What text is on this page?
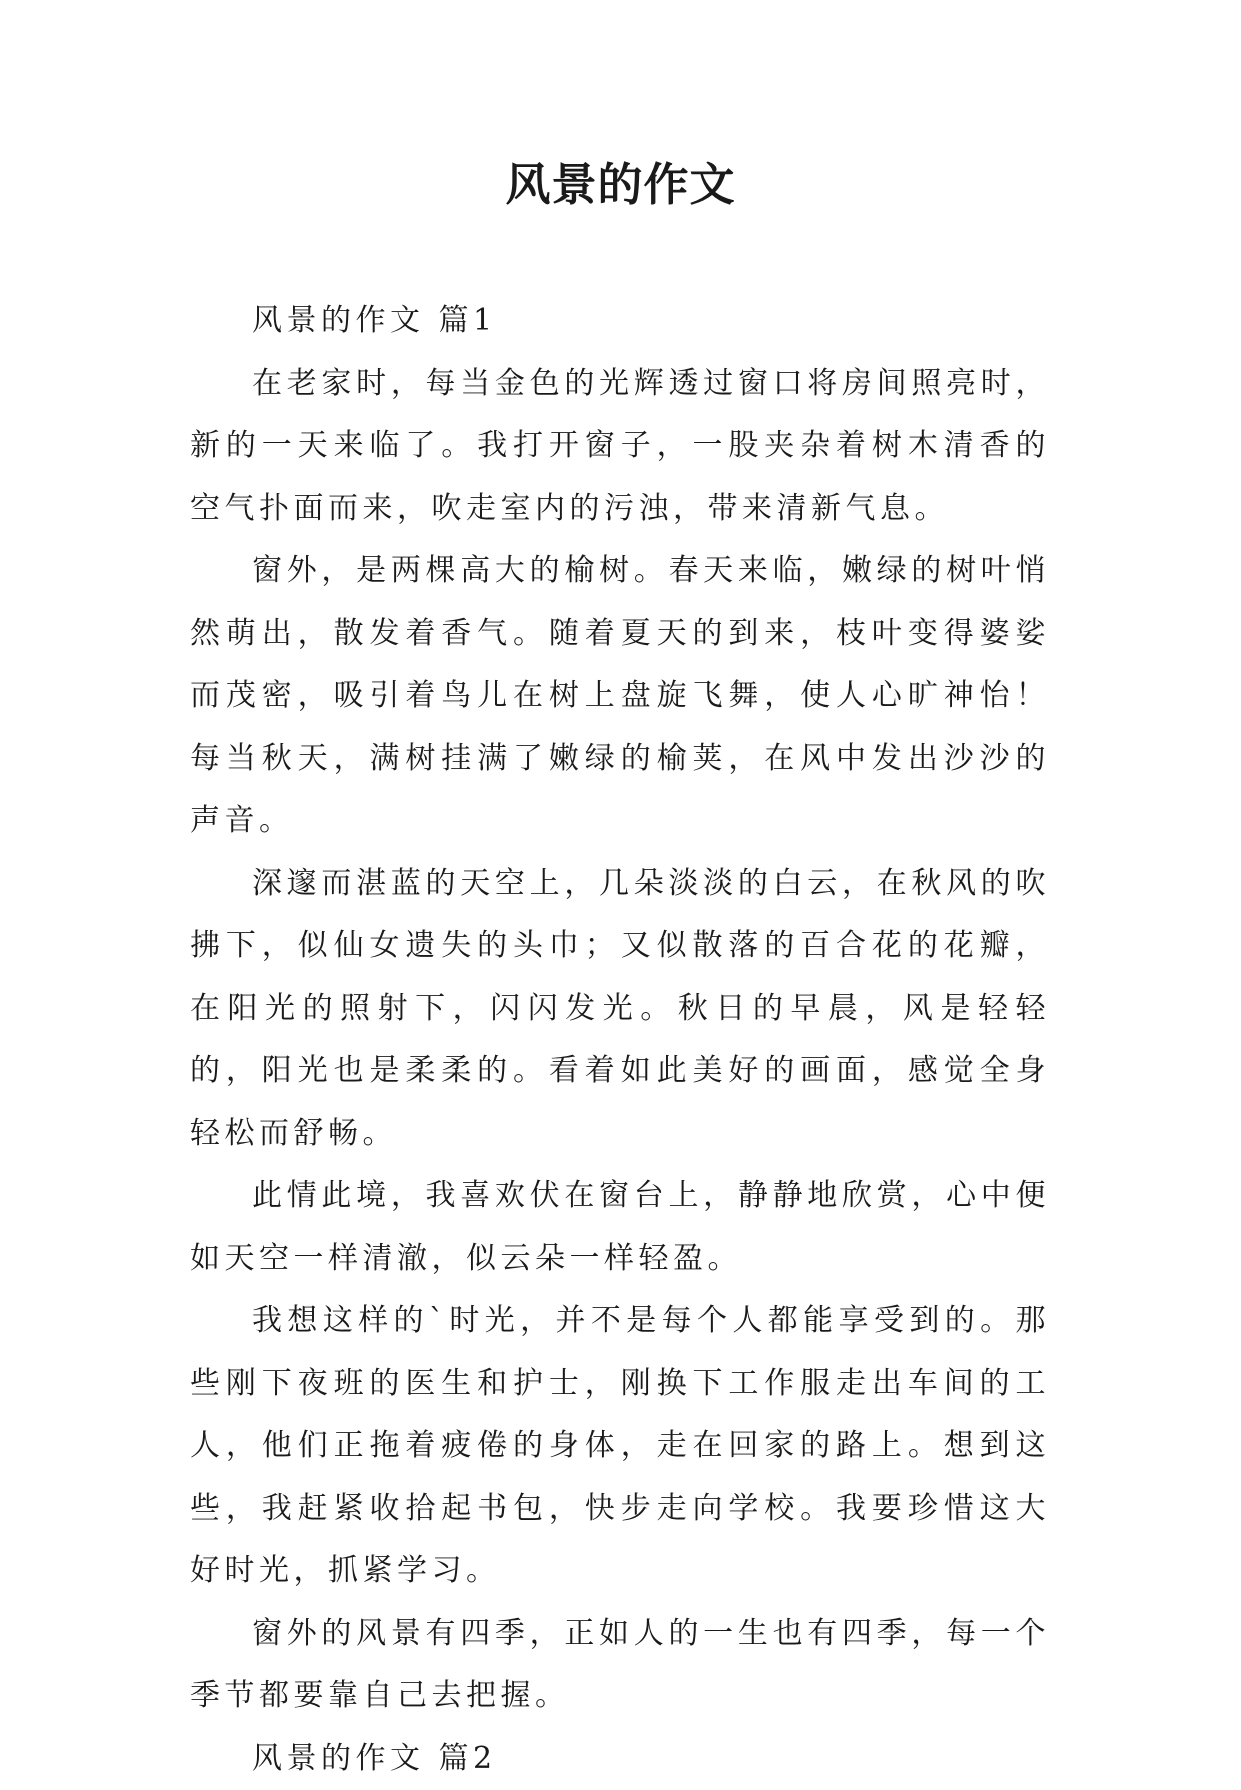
风景的作文

风景的作文 篇1

在老家时，每当金色的光辉透过窗口将房间照亮时，新的一天来临了。我打开窗子，一股夹杂着树木清香的空气扑面而来，吹走室内的污浊，带来清新气息。

窗外，是两棵高大的榆树。春天来临，嫩绿的树叶悄然萌出，散发着香气。随着夏天的到来，枝叶变得婆娑而茂密，吸引着鸟儿在树上盘旋飞舞，使人心旷神怡！每当秋天，满树挂满了嫩绿的榆荚，在风中发出沙沙的声音。

深邃而湛蓝的天空上，几朵淡淡的白云，在秋风的吹拂下，似仙女遗失的头巾；又似散落的百合花的花瓣，在阳光的照射下，闪闪发光。秋日的早晨，风是轻轻的，阳光也是柔柔的。看着如此美好的画面，感觉全身轻松而舒畅。

此情此境，我喜欢伏在窗台上，静静地欣赏，心中便如天空一样清澈，似云朵一样轻盈。

我想这样的`时光，并不是每个人都能享受到的。那些刚下夜班的医生和护士，刚换下工作服走出车间的工人，他们正拖着疲倦的身体，走在回家的路上。想到这些，我赶紧收拾起书包，快步走向学校。我要珍惜这大好时光，抓紧学习。

窗外的风景有四季，正如人的一生也有四季，每一个季节都要靠自己去把握。

风景的作文 篇2
